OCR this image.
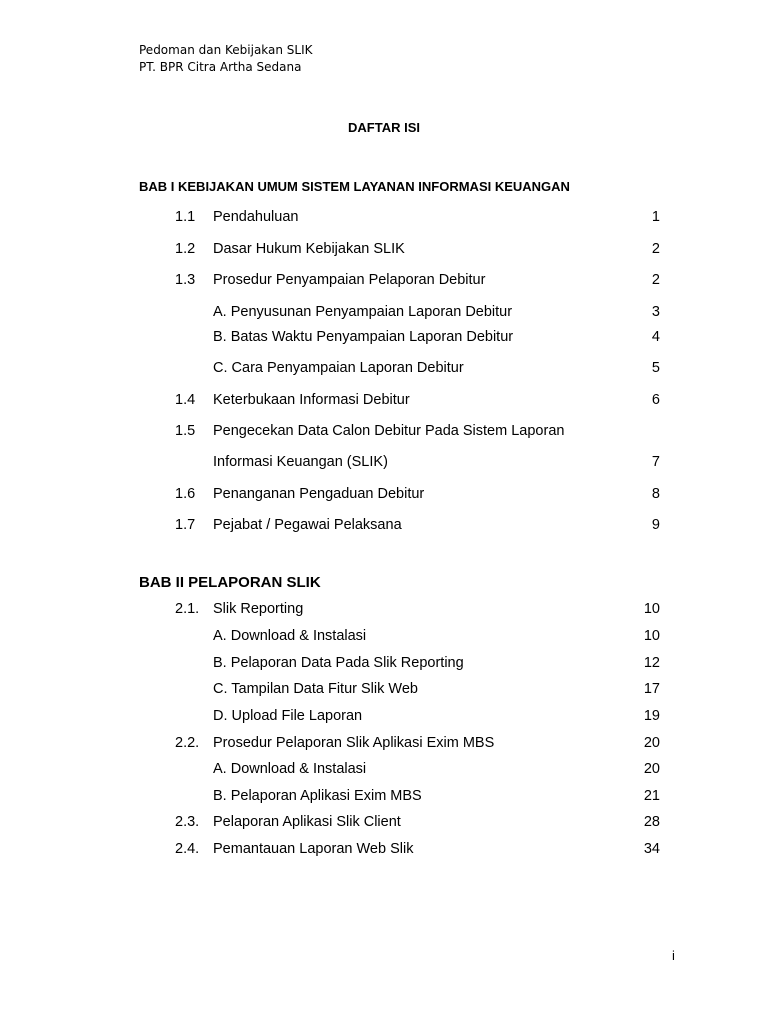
Pedoman dan Kebijakan SLIK
PT. BPR Citra Artha Sedana
DAFTAR ISI
BAB I KEBIJAKAN UMUM SISTEM LAYANAN INFORMASI KEUANGAN
1.1 Pendahuluan	1
1.2 Dasar Hukum Kebijakan SLIK	2
1.3 Prosedur Penyampaian Pelaporan Debitur	2
A. Penyusunan Penyampaian Laporan Debitur	3
B. Batas Waktu Penyampaian Laporan Debitur	4
C. Cara Penyampaian Laporan Debitur	5
1.4 Keterbukaan Informasi Debitur	6
1.5 Pengecekan Data Calon Debitur Pada Sistem Laporan
Informasi Keuangan (SLIK)	7
1.6 Penanganan Pengaduan Debitur	8
1.7 Pejabat / Pegawai Pelaksana	9
BAB II PELAPORAN SLIK
2.1. Slik Reporting	10
A. Download & Instalasi	10
B. Pelaporan Data Pada Slik Reporting	12
C. Tampilan Data Fitur Slik Web	17
D. Upload File Laporan	19
2.2. Prosedur Pelaporan Slik Aplikasi Exim MBS	20
A. Download & Instalasi	20
B. Pelaporan Aplikasi Exim MBS	21
2.3. Pelaporan Aplikasi Slik Client	28
2.4. Pemantauan Laporan Web Slik	34
i
